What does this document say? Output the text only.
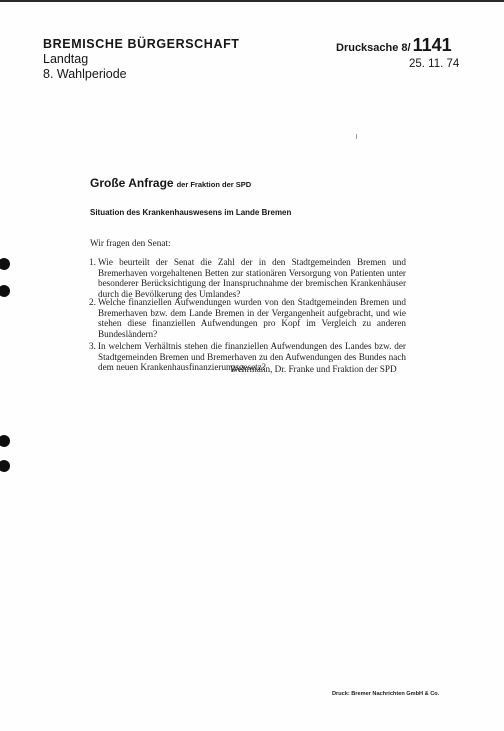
BREMISCHE BÜRGERSCHAFT
Landtag
8. Wahlperiode
Drucksache 8/ 1141
25. 11. 74
Große Anfrage der Fraktion der SPD
Situation des Krankenhauswesens im Lande Bremen
Wir fragen den Senat:
1. Wie beurteilt der Senat die Zahl der in den Stadtgemeinden Bremen und Bremerhaven vorgehaltenen Betten zur stationären Versorgung von Patienten unter besonderer Berücksichtigung der Inanspruchnahme der bremischen Krankenhäuser durch die Bevölkerung des Umlandes?
2. Welche finanziellen Aufwendungen wurden von den Stadtgemeinden Bremen und Bremerhaven bzw. dem Lande Bremen in der Vergangenheit aufgebracht, und wie stehen diese finanziellen Aufwendungen pro Kopf im Vergleich zu anderen Bundesländern?
3. In welchem Verhältnis stehen die finanziellen Aufwendungen des Landes bzw. der Stadtgemeinden Bremen und Bremerhaven zu den Aufwendungen des Bundes nach dem neuen Krankenhausfinanzierungsgesetz?
Wehrmann, Dr. Franke und Fraktion der SPD
Druck: Bremer Nachrichten GmbH & Co.
